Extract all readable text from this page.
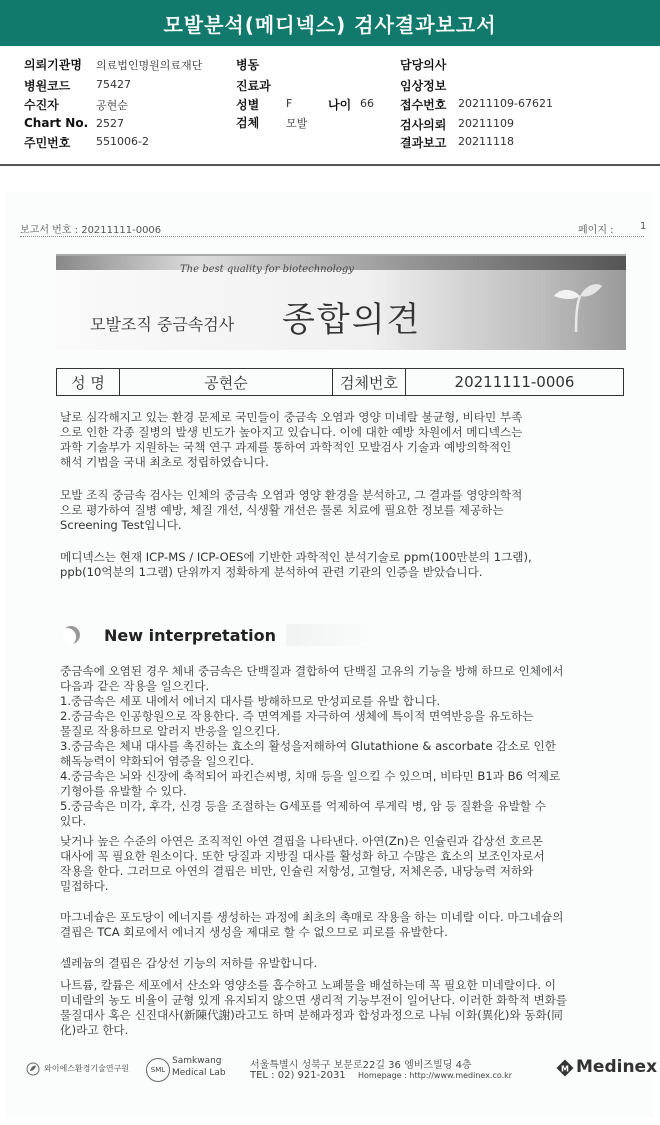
모발분석(메디넥스) 검사결과보고서
의뢰기관명 의료법인명원의료재단	병동	담당의사
병원코드 75427	진료과	임상정보
수진자	공현순	성별 F	나이 66 접수번호 20211109-67621
Chart No. 2527	검체 모발	검사의뢰 20211109
주민번호 551006-2	결과보고 20211118
보고서 번호 : 20211111-0006	페이지 :	1
The best quality for biotechnology
모발조직 중금속검사 종합의견
성 명	공현순	검체번호	20211111-0006
날로 심각해지고 있는 환경 문제로 국민들이 중금속 오염과 영양 미네랄 불균형, 비타민 부족
으로 인한 각종 질병의 발생 빈도가 높아지고 있습니다. 이에 대한 예방 차원에서 메디넥스는
과학 기술부가 지원하는 국책 연구 과제를 통하여 과학적인 모발검사 기술과 예방의학적인
해석 기법을 국내 최초로 정립하였습니다.
모발 조직 중금속 검사는 인체의 중금속 오염과 영양 환경을 분석하고, 그 결과를 영양의학적
으로 평가하여 질병 예방, 체질 개선, 식생활 개선은 물론 치료에 필요한 정보를 제공하는
Screening Test입니다.
메디넥스는 현재 ICP-MS / ICP-OES에 기반한 과학적인 분석기술로 ppm(100만분의 1그램),
ppb(10억분의 1그램) 단위까지 정확하게 분석하여 관련 기관의 인증을 받았습니다.
New interpretation
중금속에 오염된 경우 체내 중금속은 단백질과 결합하여 단백질 고유의 기능을 방해 하므로 인체에서
다음과 같은 작용을 일으킨다.
1.중금속은 세포 내에서 에너지 대사를 방해하므로 만성피로를 유발 합니다.
2.중금속은 인공항원으로 작용한다. 즉 면역계를 자극하여 생체에 특이적 면역반응을 유도하는
물질로 작용하므로 알러지 반응을 일으킨다.
3.중금속은 체내 대사를 촉진하는 효소의 활성을저해하여 Glutathione & ascorbate 감소로 인한
해독능력이 약화되어 염증을 일으킨다.
4.중금속은 뇌와 신장에 축적되어 파킨슨씨병, 치매 등을 일으킬 수 있으며, 비타민 B1과 B6 억제로
기형아를 유발할 수 있다.
5.중금속은 미각, 후각, 신경 등을 조절하는 G세포를 억제하여 루게릭 병, 암 등 질환을 유발할 수
있다.
낮거나 높은 수준의 아연은 조직적인 아연 결핍을 나타낸다. 아연(Zn)은 인슐린과 갑상선 호르몬
대사에 꼭 필요한 원소이다. 또한 당질과 지방질 대사를 활성화 하고 수많은 효소의 보조인자로서
작용을 한다. 그러므로 아연의 결핍은 비만, 인슐린 저항성, 고혈당, 저체온증, 내당능력 저하와
밀접하다.
마그네슘은 포도당이 에너지를 생성하는 과정에 최초의 촉매로 작용을 하는 미네랄 이다. 마그네슘의
결핍은 TCA 회로에서 에너지 생성을 제대로 할 수 없으므로 피로를 유발한다.
셀레늄의 결핍은 갑상선 기능의 저하를 유발합니다.
나트륨, 칼륨은 세포에서 산소와 영양소를 흡수하고 노폐물을 배설하는데 꼭 필요한 미네랄이다. 이
미네랄의 농도 비율이 균형 있게 유지되지 않으면 생리적 기능부전이 일어난다. 이러한 화학적 변화를
물질대사 혹은 신진대사(新陳代謝)라고도 하며 분해과정과 합성과정으로 나눠 이화(異化)와 동화(同
化)라고 한다.
와이에스환경기술연구원	SML
Samkwang
Medical Lab
서울특별시 성북구 보문로22길 36 엠비즈빌딩 4층
TEL : 02) 921-2031 Homepage : http://www.medinex.co.kr
M Medinex
